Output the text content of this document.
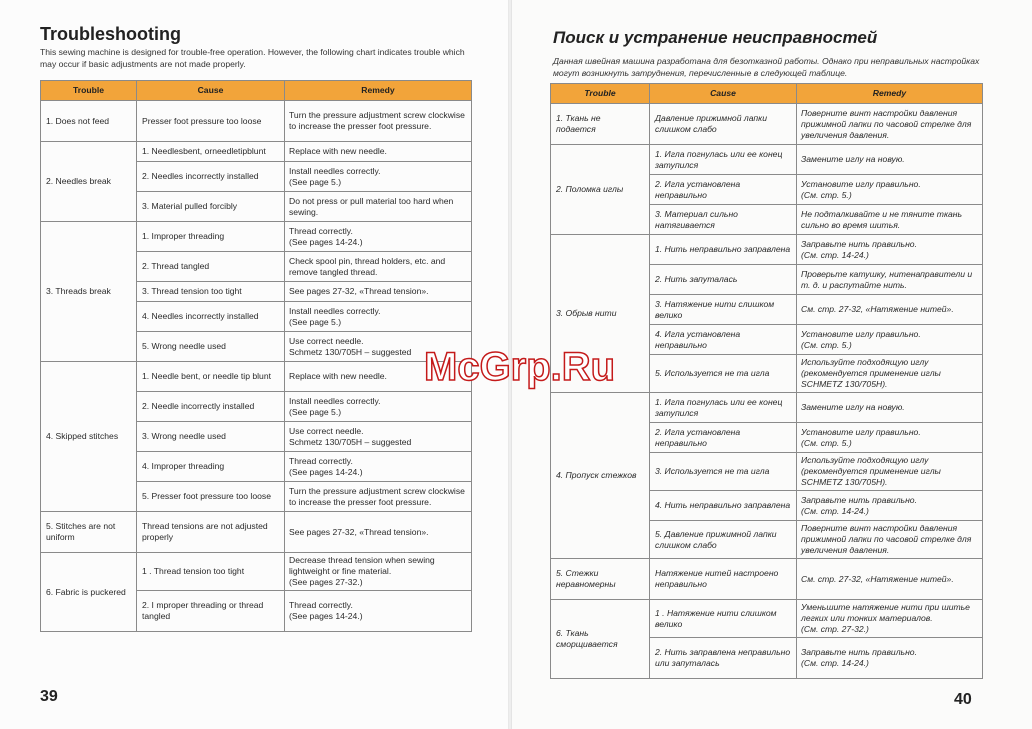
Troubleshooting

This sewing machine is designed for trouble-free operation. However, the following chart indicates trouble which may occur if basic adjustments are not made properly.

Trouble	Cause	Remedy
1. Does not feed	Presser foot pressure too loose	Turn the pressure adjustment screw clockwise to increase the presser foot pressure.
2. Needles break	1. Needlesbent, orneedletipblunt	Replace with new needle.
	2. Needles incorrectly installed	Install needles correctly.
(See page 5.)
	3. Material pulled forcibly	Do not press or pull material too hard when sewing.
3. Threads break	1. Improper threading	Thread correctly.
(See pages 14-24.)
	2. Thread tangled	Check spool pin, thread holders, etc. and remove tangled thread.
	3. Thread tension too tight	See pages 27-32, «Thread tension».
	4. Needles incorrectly installed	Install needles correctly.
(See page 5.)
	5. Wrong needle used	Use correct needle.
Schmetz 130/705H – suggested
4. Skipped stitches	1. Needle bent, or needle tip blunt	Replace with new needle.
	2. Needle incorrectly installed	Install needles correctly.
(See page 5.)
	3. Wrong needle used	Use correct needle.
Schmetz 130/705H – suggested
	4. Improper threading	Thread correctly.
(See pages 14-24.)
	5. Presser foot pressure too loose	Turn the pressure adjustment screw clockwise to increase the presser foot pressure.
5. Stitches are not uniform	Thread tensions are not adjusted properly	See pages 27-32, «Thread tension».
6. Fabric is puckered	1 . Thread tension too tight	Decrease thread tension when sewing lightweight or fine material.
(See pages 27-32.)
	2. I mproper threading or thread tangled	Thread correctly.
(See pages 14-24.)
39
Поиск и устранение неисправностей

Данная швейная машина разработана для безотказной работы. Однако при неправильных настройках могут возникнуть затруднения, перечисленные в следующей таблице.

Trouble	Cause	Remedy
1. Ткань не
подается	Давление прижимной лапки слишком слабо	Поверните винт настройки давления прижимной лапки по часовой стрелке для увеличения давления.
2. Поломка иглы	1. Игла погнулась или ее конец затупился	Замените иглу на новую.
	2. Игла установлена неправильно	Установите иглу правильно.
(См. стр. 5.)
	3. Материал сильно натягивается	Не подталкивайте и не тяните ткань сильно во время шитья.
3. Обрыв нити	1. Нить неправильно заправлена	Заправьте нить правильно.
(См. стр. 14-24.)
	2. Нить запуталась	Проверьте катушку, нитенаправители и т. д. и распутайте нить.
	3. Натяжение нити слишком велико	См. стр. 27-32, «Натяжение нитей».
	4. Игла установлена неправильно	Установите иглу правильно.
(См. стр. 5.)
	5. Используется не та игла	Используйте подходящую иглу (рекомендуется применение иглы SCHMETZ 130/705H).
4. Пропуск стежков	1. Игла погнулась или ее конец затупился	Замените иглу на новую.
	2. Игла установлена неправильно	Установите иглу правильно.
(См. стр. 5.)
	3. Используется не та игла	Используйте подходящую иглу (рекомендуется применение иглы SCHMETZ 130/705H).
	4. Нить неправильно заправлена	Заправьте нить правильно.
(См. стр. 14-24.)
	5. Давление прижимной лапки слишком слабо	Поверните винт настройки давления прижимной лапки по часовой стрелке для увеличения давления.
5. Стежки
неравномерны	Натяжение нитей настроено неправильно	См. стр. 27-32, «Натяжение нитей».
6. Ткань
сморщивается	1 . Натяжение нити слишком велико	Уменьшите натяжение нити при шитье легких или тонких материалов.
(См. стр. 27-32.)
	2. Нить заправлена неправильно или запуталась	Заправьте нить правильно.
(См. стр. 14-24.)
40
McGrp.Ru
